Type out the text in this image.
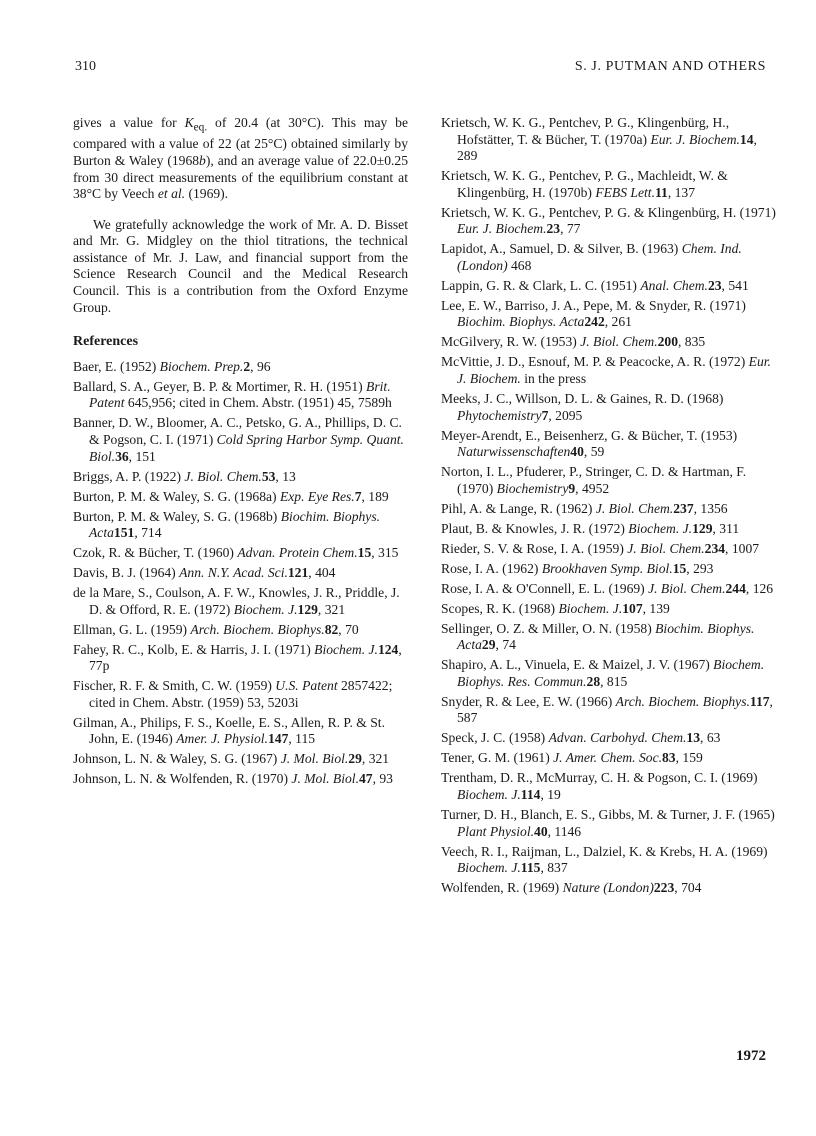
310	S. J. PUTMAN AND OTHERS

gives a value for $K_{eq.}$ of 20.4 (at 30°C). This may be compared with a value of 22 (at 25°C) obtained similarly by Burton & Waley (1968b), and an average value of 22.0±0.25 from 30 direct measurements of the equilibrium constant at 38°C by Veech et al. (1969).

We gratefully acknowledge the work of Mr. A. D. Bisset and Mr. G. Midgley on the thiol titrations, the technical assistance of Mr. J. Law, and financial support from the Science Research Council and the Medical Research Council. This is a contribution from the Oxford Enzyme Group.

References

Baer, E. (1952) Biochem. Prep.2, 96

Ballard, S. A., Geyer, B. P. & Mortimer, R. H. (1951) Brit. Patent 645,956; cited in Chem. Abstr. (1951) 45, 7589h

Banner, D. W., Bloomer, A. C., Petsko, G. A., Phillips, D. C. & Pogson, C. I. (1971) Cold Spring Harbor Symp. Quant. Biol.36, 151

Briggs, A. P. (1922) J. Biol. Chem.53, 13

Burton, P. M. & Waley, S. G. (1968a) Exp. Eye Res.7, 189

Burton, P. M. & Waley, S. G. (1968b) Biochim. Biophys. Acta151, 714

Czok, R. & Bücher, T. (1960) Advan. Protein Chem.15, 315

Davis, B. J. (1964) Ann. N.Y. Acad. Sci.121, 404

de la Mare, S., Coulson, A. F. W., Knowles, J. R., Priddle, J. D. & Offord, R. E. (1972) Biochem. J.129, 321

Ellman, G. L. (1959) Arch. Biochem. Biophys.82, 70

Fahey, R. C., Kolb, E. & Harris, J. I. (1971) Biochem. J.124, 77p

Fischer, R. F. & Smith, C. W. (1959) U.S. Patent 2857422; cited in Chem. Abstr. (1959) 53, 5203i

Gilman, A., Philips, F. S., Koelle, E. S., Allen, R. P. & St. John, E. (1946) Amer. J. Physiol.147, 115

Johnson, L. N. & Waley, S. G. (1967) J. Mol. Biol.29, 321

Johnson, L. N. & Wolfenden, R. (1970) J. Mol. Biol.47, 93

Krietsch, W. K. G., Pentchev, P. G., Klingenbürg, H., Hofstätter, T. & Bücher, T. (1970a) Eur. J. Biochem.14, 289

Krietsch, W. K. G., Pentchev, P. G., Machleidt, W. & Klingenbürg, H. (1970b) FEBS Lett.11, 137

Krietsch, W. K. G., Pentchev, P. G. & Klingenbürg, H. (1971) Eur. J. Biochem.23, 77

Lapidot, A., Samuel, D. & Silver, B. (1963) Chem. Ind. (London) 468

Lappin, G. R. & Clark, L. C. (1951) Anal. Chem.23, 541

Lee, E. W., Barriso, J. A., Pepe, M. & Snyder, R. (1971) Biochim. Biophys. Acta242, 261

McGilvery, R. W. (1953) J. Biol. Chem.200, 835

McVittie, J. D., Esnouf, M. P. & Peacocke, A. R. (1972) Eur. J. Biochem. in the press

Meeks, J. C., Willson, D. L. & Gaines, R. D. (1968) Phytochemistry7, 2095

Meyer-Arendt, E., Beisenherz, G. & Bücher, T. (1953) Naturwissenschaften40, 59

Norton, I. L., Pfuderer, P., Stringer, C. D. & Hartman, F. (1970) Biochemistry9, 4952

Pihl, A. & Lange, R. (1962) J. Biol. Chem.237, 1356

Plaut, B. & Knowles, J. R. (1972) Biochem. J.129, 311

Rieder, S. V. & Rose, I. A. (1959) J. Biol. Chem.234, 1007

Rose, I. A. (1962) Brookhaven Symp. Biol.15, 293

Rose, I. A. & O'Connell, E. L. (1969) J. Biol. Chem.244, 126

Scopes, R. K. (1968) Biochem. J.107, 139

Sellinger, O. Z. & Miller, O. N. (1958) Biochim. Biophys. Acta29, 74

Shapiro, A. L., Vinuela, E. & Maizel, J. V. (1967) Biochem. Biophys. Res. Commun.28, 815

Snyder, R. & Lee, E. W. (1966) Arch. Biochem. Biophys.117, 587

Speck, J. C. (1958) Advan. Carbohyd. Chem.13, 63

Tener, G. M. (1961) J. Amer. Chem. Soc.83, 159

Trentham, D. R., McMurray, C. H. & Pogson, C. I. (1969) Biochem. J.114, 19

Turner, D. H., Blanch, E. S., Gibbs, M. & Turner, J. F. (1965) Plant Physiol.40, 1146

Veech, R. I., Raijman, L., Dalziel, K. & Krebs, H. A. (1969) Biochem. J.115, 837

Wolfenden, R. (1969) Nature (London)223, 704

1972
